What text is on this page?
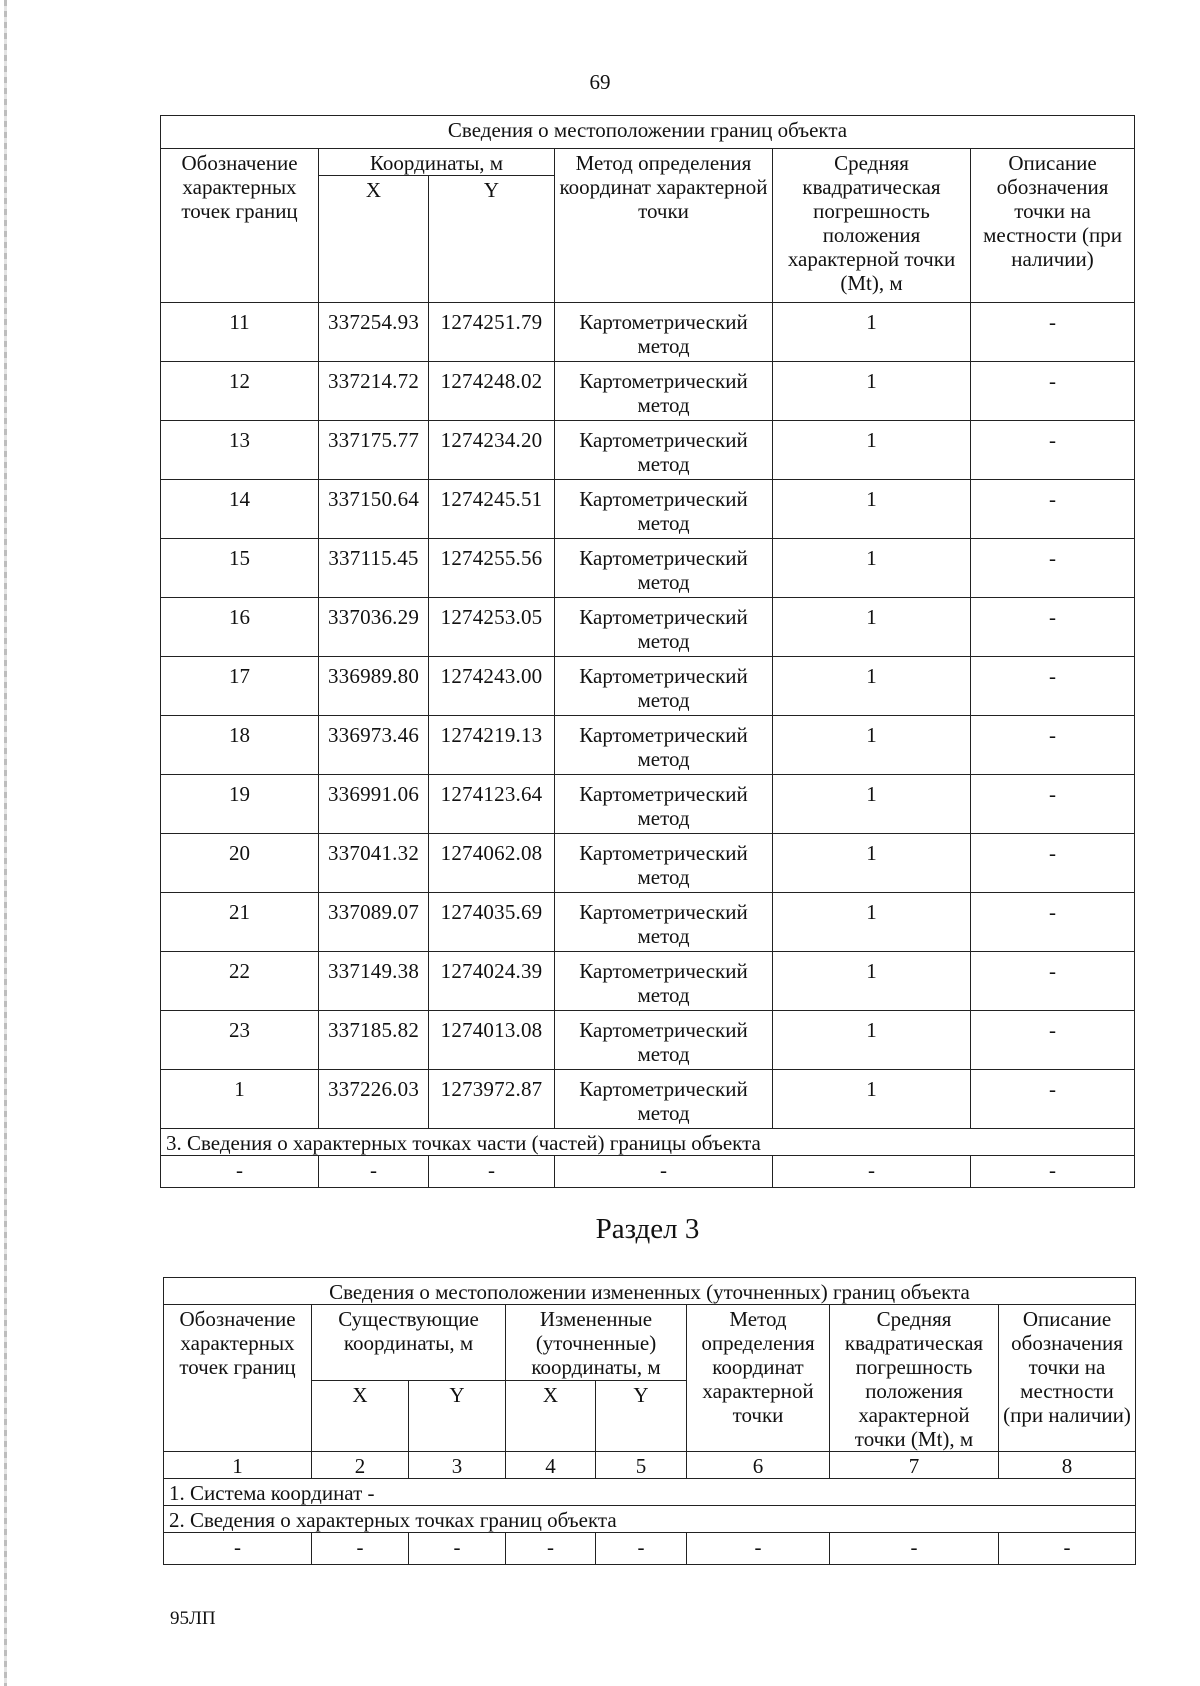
69
Сведения о местоположении границ объекта					
Обозначение характерных точек границ	Координаты, м		Метод определения координат характерной точки	Средняя квадратическая погрешность положения характерной точки (Mt), м	Описание обозначения точки на местности (при наличии)
	X	Y			
11	337254.93	1274251.79	Картометрический метод	1	-
12	337214.72	1274248.02	Картометрический метод	1	-
13	337175.77	1274234.20	Картометрический метод	1	-
14	337150.64	1274245.51	Картометрический метод	1	-
15	337115.45	1274255.56	Картометрический метод	1	-
16	337036.29	1274253.05	Картометрический метод	1	-
17	336989.80	1274243.00	Картометрический метод	1	-
18	336973.46	1274219.13	Картометрический метод	1	-
19	336991.06	1274123.64	Картометрический метод	1	-
20	337041.32	1274062.08	Картометрический метод	1	-
21	337089.07	1274035.69	Картометрический метод	1	-
22	337149.38	1274024.39	Картометрический метод	1	-
23	337185.82	1274013.08	Картометрический метод	1	-
1	337226.03	1273972.87	Картометрический метод	1	-
3. Сведения о характерных точках части (частей) границы объекта					
-	-	-	-	-	-
Раздел 3
Сведения о местоположении измененных (уточненных) границ объекта							
Обозначение характерных точек границ	Существующие координаты, м		Измененные (уточненные) координаты, м		Метод определения координат характерной точки	Средняя квадратическая погрешность положения характерной точки (Mt), м	Описание обозначения точки на местности (при наличии)
	X	Y	X	Y			
1	2	3	4	5	6	7	8
1. Система координат -							
2. Сведения о характерных точках границ объекта							
-	-	-	-	-	-	-	-
95ЛП
